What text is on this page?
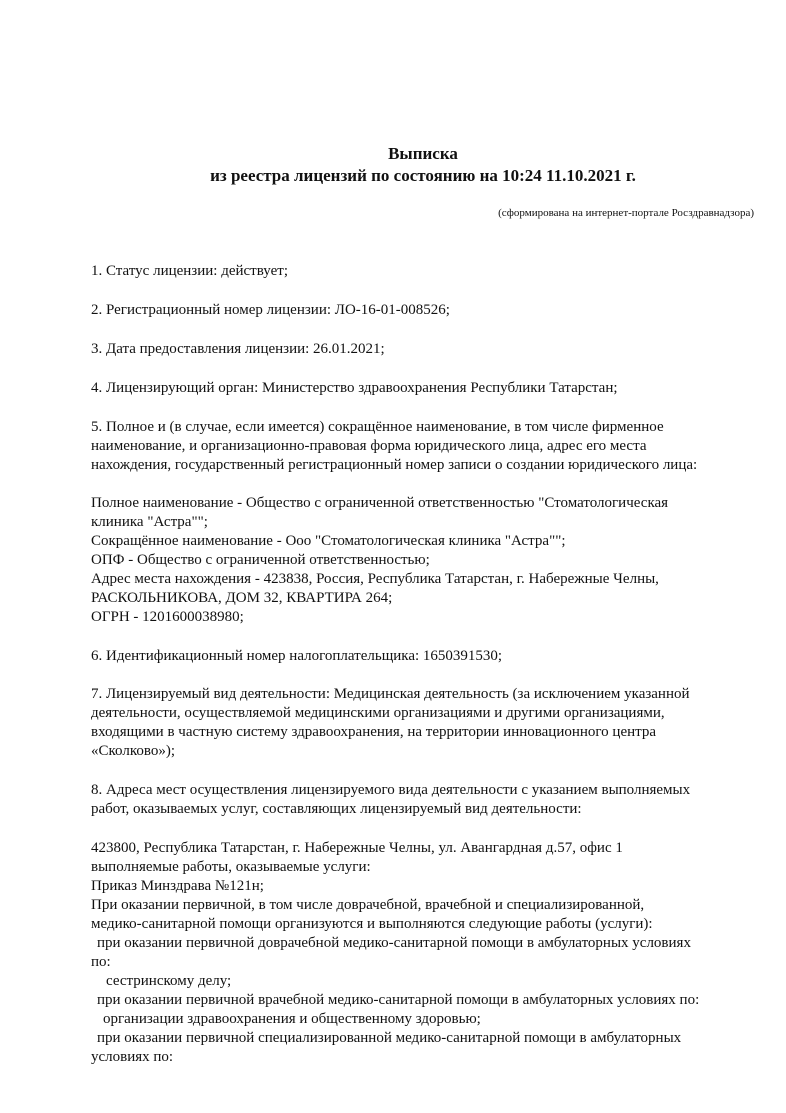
Выписка
из реестра лицензий по состоянию на 10:24 11.10.2021 г.
(сформирована на интернет-портале Росздравнадзора)
1. Статус лицензии: действует;
2. Регистрационный номер лицензии: ЛО-16-01-008526;
3. Дата предоставления лицензии: 26.01.2021;
4. Лицензирующий орган: Министерство здравоохранения Республики Татарстан;
5. Полное и (в случае, если имеется) сокращённое наименование, в том числе фирменное
наименование, и организационно-правовая форма юридического лица, адрес его места
нахождения, государственный регистрационный номер записи о создании юридического лица:
Полное наименование - Общество с ограниченной ответственностью "Стоматологическая
клиника "Астра"";
Сокращённое наименование - Ооо "Стоматологическая клиника "Астра"";
ОПФ - Общество с ограниченной ответственностью;
Адрес места нахождения - 423838, Россия, Республика Татарстан, г. Набережные Челны,
РАСКОЛЬНИКОВА, ДОМ 32, КВАРТИРА 264;
ОГРН - 1201600038980;
6. Идентификационный номер налогоплательщика: 1650391530;
7. Лицензируемый вид деятельности: Медицинская деятельность (за исключением указанной
деятельности, осуществляемой медицинскими организациями и другими организациями,
входящими в частную систему здравоохранения, на территории инновационного центра
«Сколково»);
8. Адреса мест осуществления лицензируемого вида деятельности с указанием выполняемых
работ, оказываемых услуг, составляющих лицензируемый вид деятельности:
423800, Республика Татарстан, г. Набережные Челны, ул. Авангардная д.57, офис 1
выполняемые работы, оказываемые услуги:
Приказ Минздрава №121н;
При оказании первичной, в том числе доврачебной, врачебной и специализированной,
медико-санитарной помощи организуются и выполняются следующие работы (услуги):
при оказании первичной доврачебной медико-санитарной помощи в амбулаторных условиях
по:
сестринскому делу;
при оказании первичной врачебной медико-санитарной помощи в амбулаторных условиях по:
организации здравоохранения и общественному здоровью;
при оказании первичной специализированной медико-санитарной помощи в амбулаторных
условиях по:
